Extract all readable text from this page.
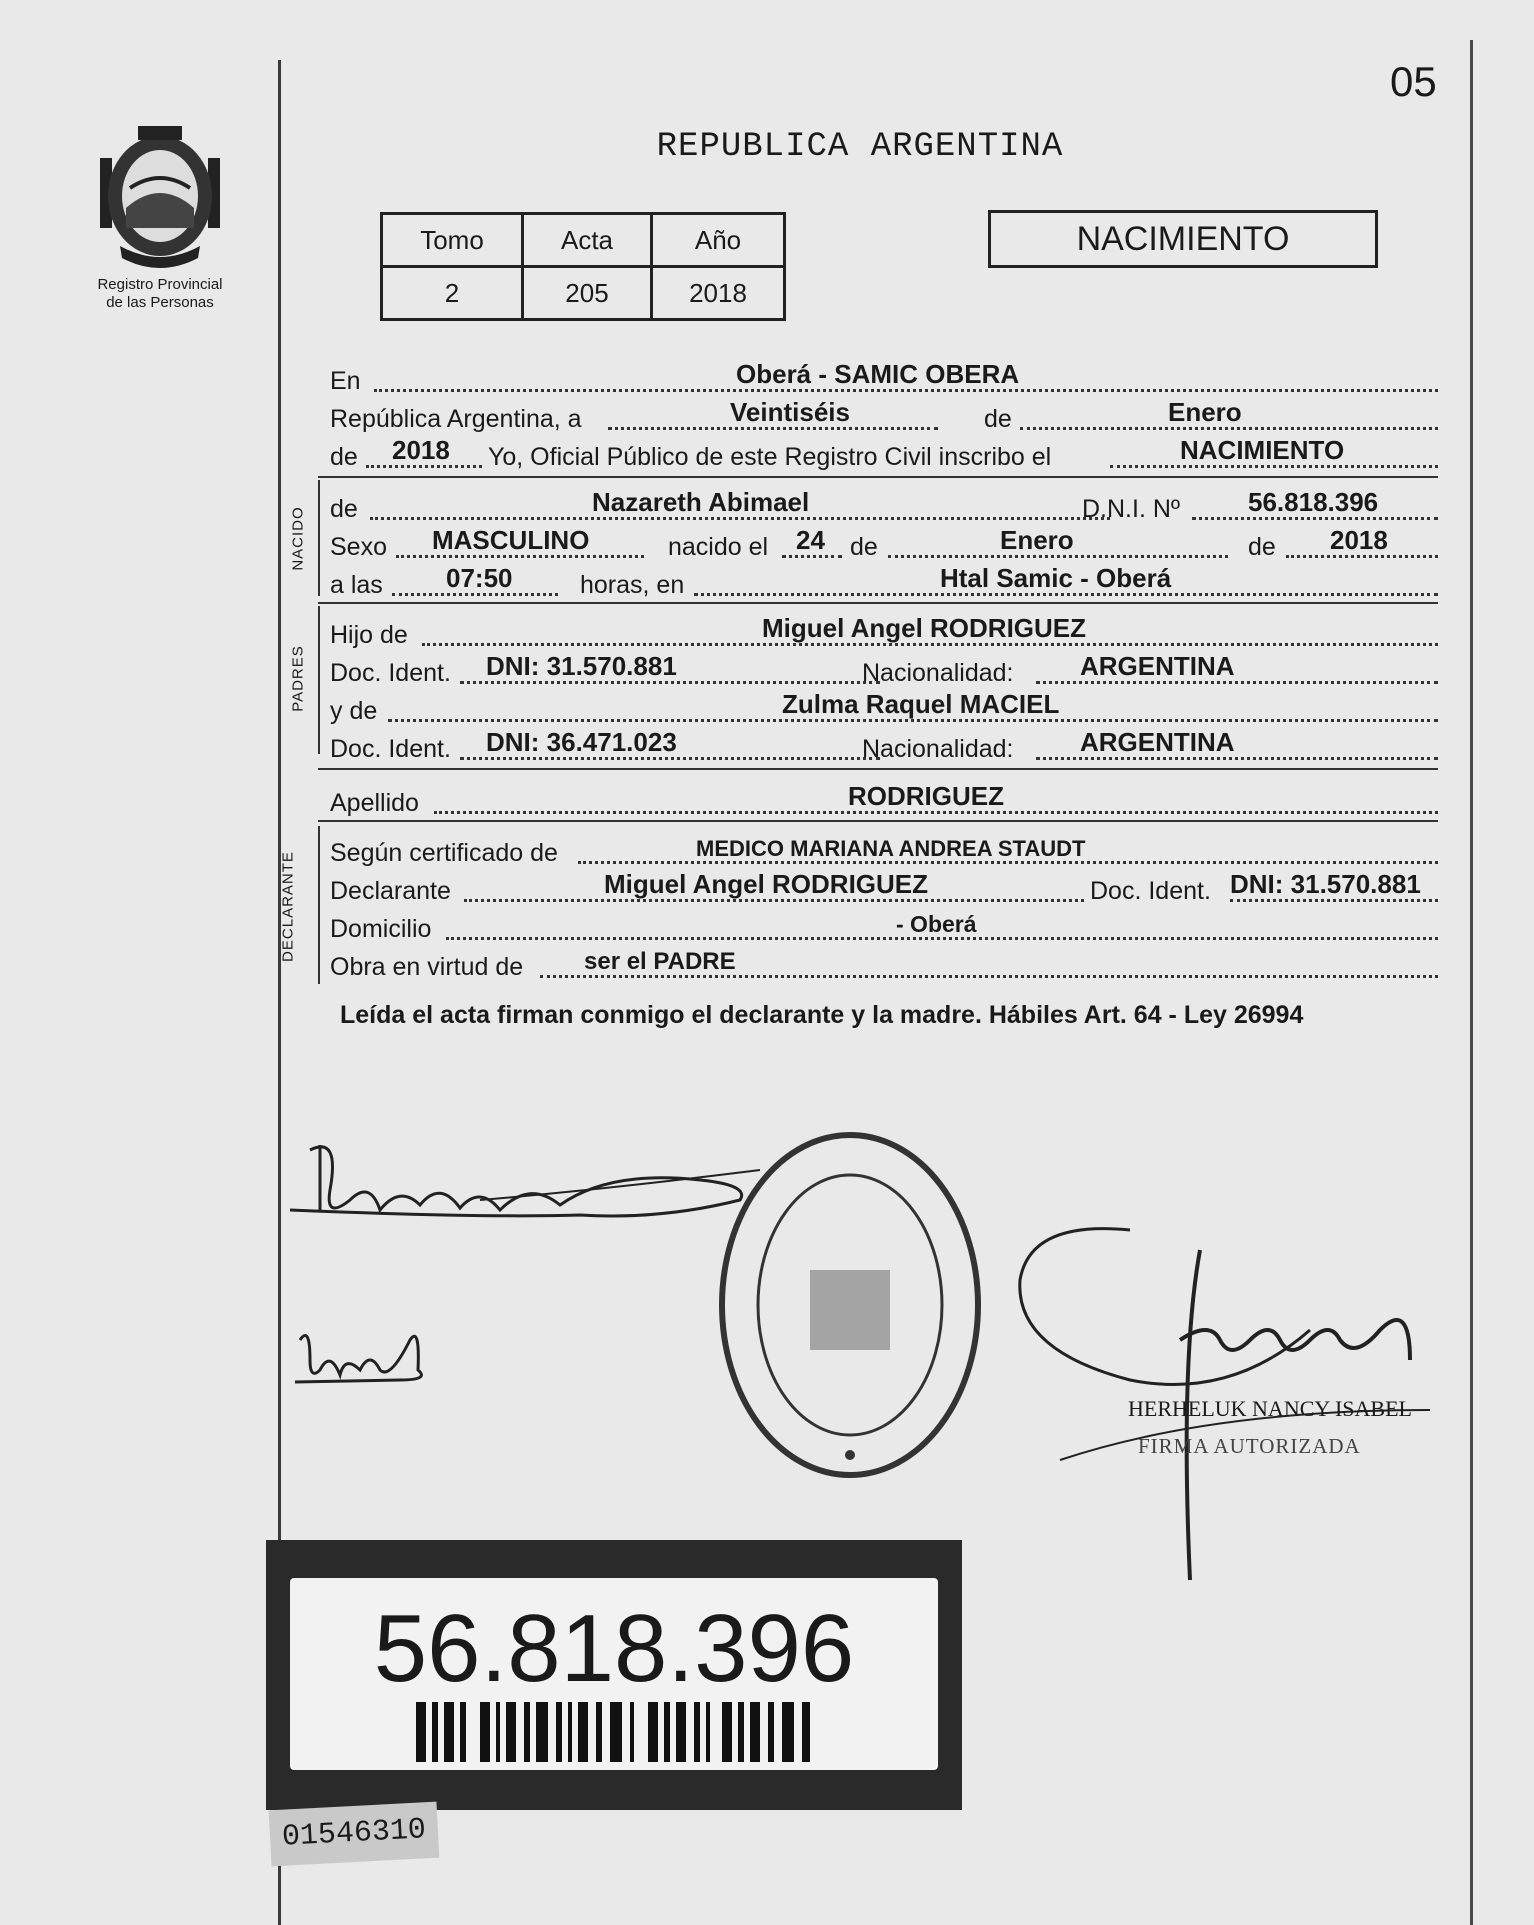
05
Registro Provincial
de las Personas
REPUBLICA ARGENTINA
Tomo	Acta	Año
2	205	2018
NACIMIENTO
En	Oberá - SAMIC OBERA
República Argentina, a	Veintiséis	de	Enero
de 2018 Yo, Oficial Público de este Registro Civil inscribo el	NACIMIENTO
NACIDO de	Nazareth Abimael	D.N.I. Nº	56.818.396
Sexo MASCULINO	nacido el 24 de	Enero	de 2018
a las 07:50	horas, en	Htal Samic - Oberá
PADRES
Hijo de	Miguel Angel RODRIGUEZ
Doc. Ident. DNI: 31.570.881	Nacionalidad:	ARGENTINA
y de	Zulma Raquel MACIEL
Doc. Ident. DNI: 36.471.023	Nacionalidad:	ARGENTINA
Apellido	RODRIGUEZ
DECLARANTE Según certificado de	MEDICO MARIANA ANDREA STAUDT
Declarante	Miguel Angel RODRIGUEZ	Doc. Ident. DNI: 31.570.881
Domicilio	- Oberá
Obra en virtud de	ser el PADRE
Leída el acta firman conmigo el declarante y la madre. Hábiles Art. 64 - Ley 26994
HERHELUK NANCY ISABEL
FIRMA AUTORIZADA
56.818.396
01546310
